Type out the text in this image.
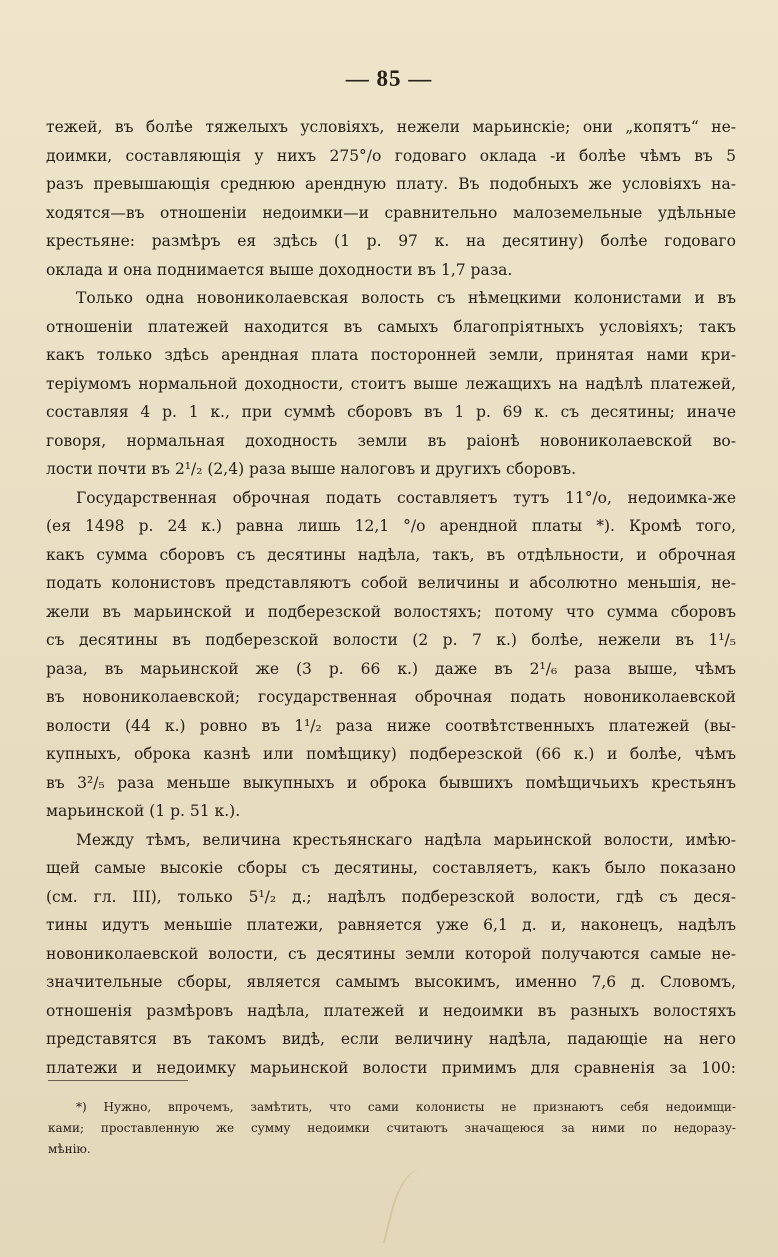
— 85 —
тежей, въ болѣе тяжелыхъ условіяхъ, нежели марьинскіе; они „копятъ“ не-
доимки, составляющія у нихъ 275°/о годоваго оклада -и болѣе чѣмъ въ 5
разъ превышающія среднюю арендную плату. Въ подобныхъ же условіяхъ на-
ходятся—въ отношеніи недоимки—и сравнительно малоземельные удѣльные
крестьяне: размѣръ ея здѣсь (1 р. 97 к. на десятину) болѣе годоваго
оклада и она поднимается выше доходности въ 1,7 раза.
Только одна новониколаевская волость съ нѣмецкими колонистами и въ
отношеніи платежей находится въ самыхъ благопріятныхъ условіяхъ; такъ
какъ только здѣсь арендная плата посторонней земли, принятая нами кри-
теріумомъ нормальной доходности, стоитъ выше лежащихъ на надѣлѣ платежей,
составляя 4 р. 1 к., при суммѣ сборовъ въ 1 р. 69 к. съ десятины; иначе
говоря, нормальная доходность земли въ раіонѣ новониколаевской во-
лости почти въ 2¹/₂ (2,4) раза выше налоговъ и другихъ сборовъ.
Государственная оброчная подать составляетъ тутъ 11°/о, недоимка-же
(ея 1498 р. 24 к.) равна лишь 12,1 °/о арендной платы *). Кромѣ того,
какъ сумма сборовъ съ десятины надѣла, такъ, въ отдѣльности, и оброчная
подать колонистовъ представляютъ собой величины и абсолютно меньшія, не-
жели въ марьинской и подберезской волостяхъ; потому что сумма сборовъ
съ десятины въ подберезской волости (2 р. 7 к.) болѣе, нежели въ 1¹/₅
раза, въ марьинской же (3 р. 66 к.) даже въ 2¹/₆ раза выше, чѣмъ
въ новониколаевской; государственная оброчная подать новониколаевской
волости (44 к.) ровно въ 1¹/₂ раза ниже соотвѣтственныхъ платежей (вы-
купныхъ, оброка казнѣ или помѣщику) подберезской (66 к.) и болѣе, чѣмъ
въ 3²/₅ раза меньше выкупныхъ и оброка бывшихъ помѣщичьихъ крестьянъ
марьинской (1 р. 51 к.).
Между тѣмъ, величина крестьянскаго надѣла марьинской волости, имѣю-
щей самые высокіе сборы съ десятины, составляетъ, какъ было показано
(см. гл. III), только 5¹/₂ д.; надѣлъ подберезской волости, гдѣ съ деся-
тины идутъ меньшіе платежи, равняется уже 6,1 д. и, наконецъ, надѣлъ
новониколаевской волости, съ десятины земли которой получаются самые не-
значительные сборы, является самымъ высокимъ, именно 7,6 д. Словомъ,
отношенія размѣровъ надѣла, платежей и недоимки въ разныхъ волостяхъ
представятся въ такомъ видѣ, если величину надѣла, падающіе на него
платежи и недоимку марьинской волости примимъ для сравненія за 100:
*) Нужно, впрочемъ, замѣтить, что сами колонисты не признаютъ себя недоимщи-
ками; проставленную же сумму недоимки считаютъ значащеюся за ними по недоразу-
мѣнію.
